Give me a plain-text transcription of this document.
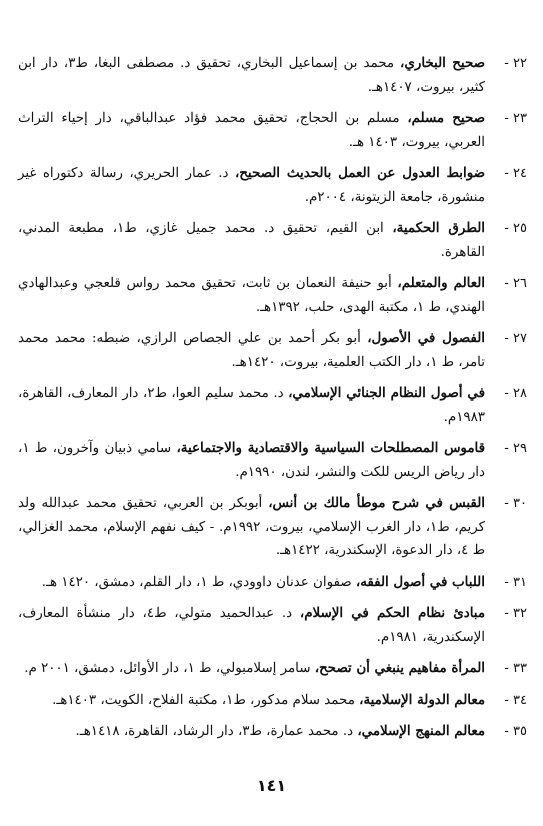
٢٢ -
صحيح البخاري، محمد بن إسماعيل البخاري، تحقيق د. مصطفى البغا، ط٣، دار ابن كثير، بيروت، ١٤٠٧هـ.
٢٣ -
صحيح مسلم، مسلم بن الحجاج، تحقيق محمد فؤاد عبدالباقي، دار إحياء التراث العربي، بيروت، ١٤٠٣ هـ.
٢٤ -
ضوابط العدول عن العمل بالحديث الصحيح، د. عمار الحريري، رسالة دكتوراه غير منشورة، جامعة الزيتونة، ٢٠٠٤م.
٢٥ -
الطرق الحكمية، ابن القيم، تحقيق د. محمد جميل غازي، ط١، مطبعة المدني، القاهرة.
٢٦ -
العالم والمتعلم، أبو حنيفة النعمان بن ثابت، تحقيق محمد رواس قلعجي وعبدالهادي الهندي، ط ١، مكتبة الهدى، حلب، ١٣٩٢هـ.
٢٧ -
الفصول في الأصول، أبو بكر أحمد بن علي الجصاص الرازي، ضبطه: محمد محمد تامر، ط ١، دار الكتب العلمية، بيروت، ١٤٢٠هـ.
٢٨ -
في أصول النظام الجنائي الإسلامي، د. محمد سليم العوا، ط٢، دار المعارف، القاهرة، ١٩٨٣م.
٢٩ -
قاموس المصطلحات السياسية والاقتصادية والاجتماعية، سامي ذبيان وآخرون، ط ١، دار رياض الريس للكت والنشر، لندن، ١٩٩٠م.
٣٠ -
القبس في شرح موطأ مالك بن أنس، أبوبكر بن العربي، تحقيق محمد عبدالله ولد كريم، ط١، دار الغرب الإسلامي، بيروت، ١٩٩٢م. - كيف نفهم الإسلام، محمد الغزالي، ط ٤، دار الدعوة، الإسكندرية، ١٤٢٢هـ.
٣١ -
اللباب في أصول الفقه، صفوان عدنان داوودي، ط ١، دار القلم، دمشق، ١٤٢٠ هـ.
٣٢ -
مبادئ نظام الحكم في الإسلام، د. عبدالحميد متولي، ط٤، دار منشأة المعارف، الإسكندرية، ١٩٨١م.
٣٣ -
المرأة مفاهيم ينبغي أن تصحح، سامر إسلامبولي، ط ١، دار الأوائل، دمشق، ٢٠٠١ م.
٣٤ -
معالم الدولة الإسلامية، محمد سلام مدكور، ط١، مكتبة الفلاح، الكويت، ١٤٠٣هـ.
٣٥ -
معالم المنهج الإسلامي، د. محمد عمارة، ط٣، دار الرشاد، القاهرة، ١٤١٨هـ.
١٤١
